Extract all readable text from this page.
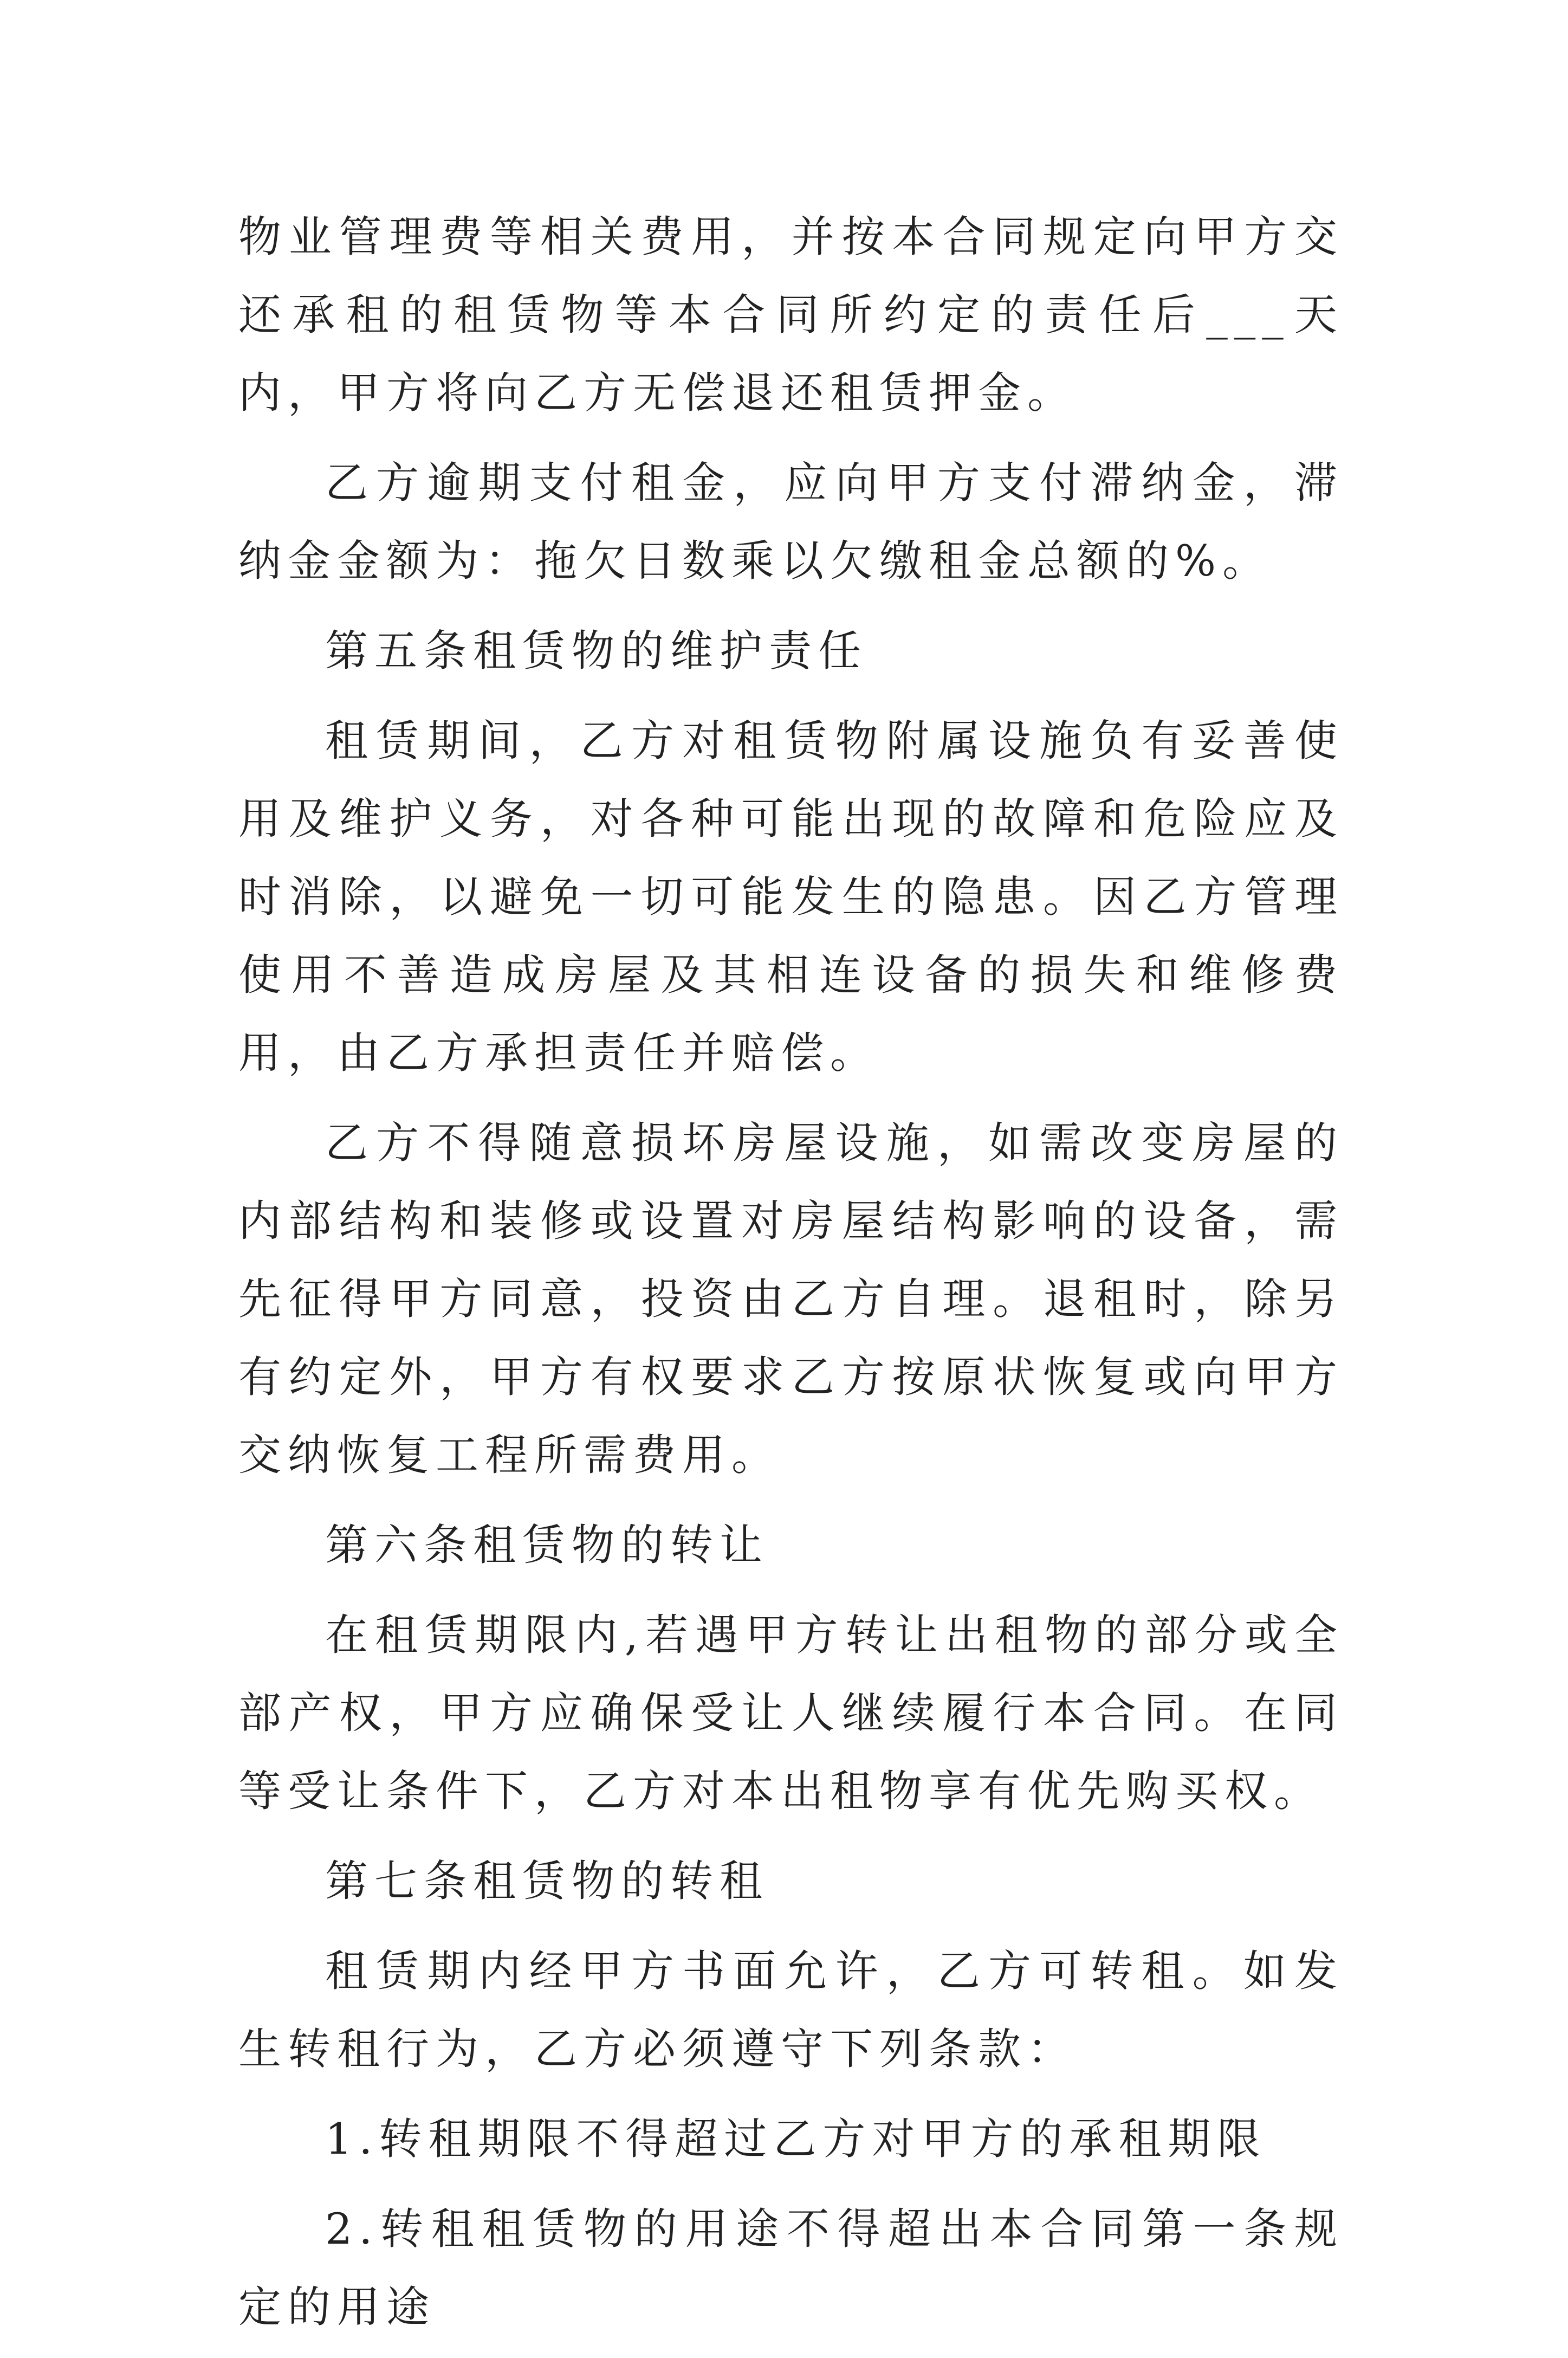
物业管理费等相关费用，并按本合同规定向甲方交还承租的租赁物等本合同所约定的责任后___天内，甲方将向乙方无偿退还租赁押金。

乙方逾期支付租金，应向甲方支付滞纳金，滞纳金金额为：拖欠日数乘以欠缴租金总额的%。

第五条租赁物的维护责任

租赁期间，乙方对租赁物附属设施负有妥善使用及维护义务，对各种可能出现的故障和危险应及时消除，以避免一切可能发生的隐患。因乙方管理使用不善造成房屋及其相连设备的损失和维修费用，由乙方承担责任并赔偿。

乙方不得随意损坏房屋设施，如需改变房屋的内部结构和装修或设置对房屋结构影响的设备，需先征得甲方同意，投资由乙方自理。退租时，除另有约定外，甲方有权要求乙方按原状恢复或向甲方交纳恢复工程所需费用。

第六条租赁物的转让

在租赁期限内,若遇甲方转让出租物的部分或全部产权，甲方应确保受让人继续履行本合同。在同等受让条件下，乙方对本出租物享有优先购买权。

第七条租赁物的转租

租赁期内经甲方书面允许，乙方可转租。如发生转租行为，乙方必须遵守下列条款：

1.转租期限不得超过乙方对甲方的承租期限

2.转租租赁物的用途不得超出本合同第一条规定的用途
